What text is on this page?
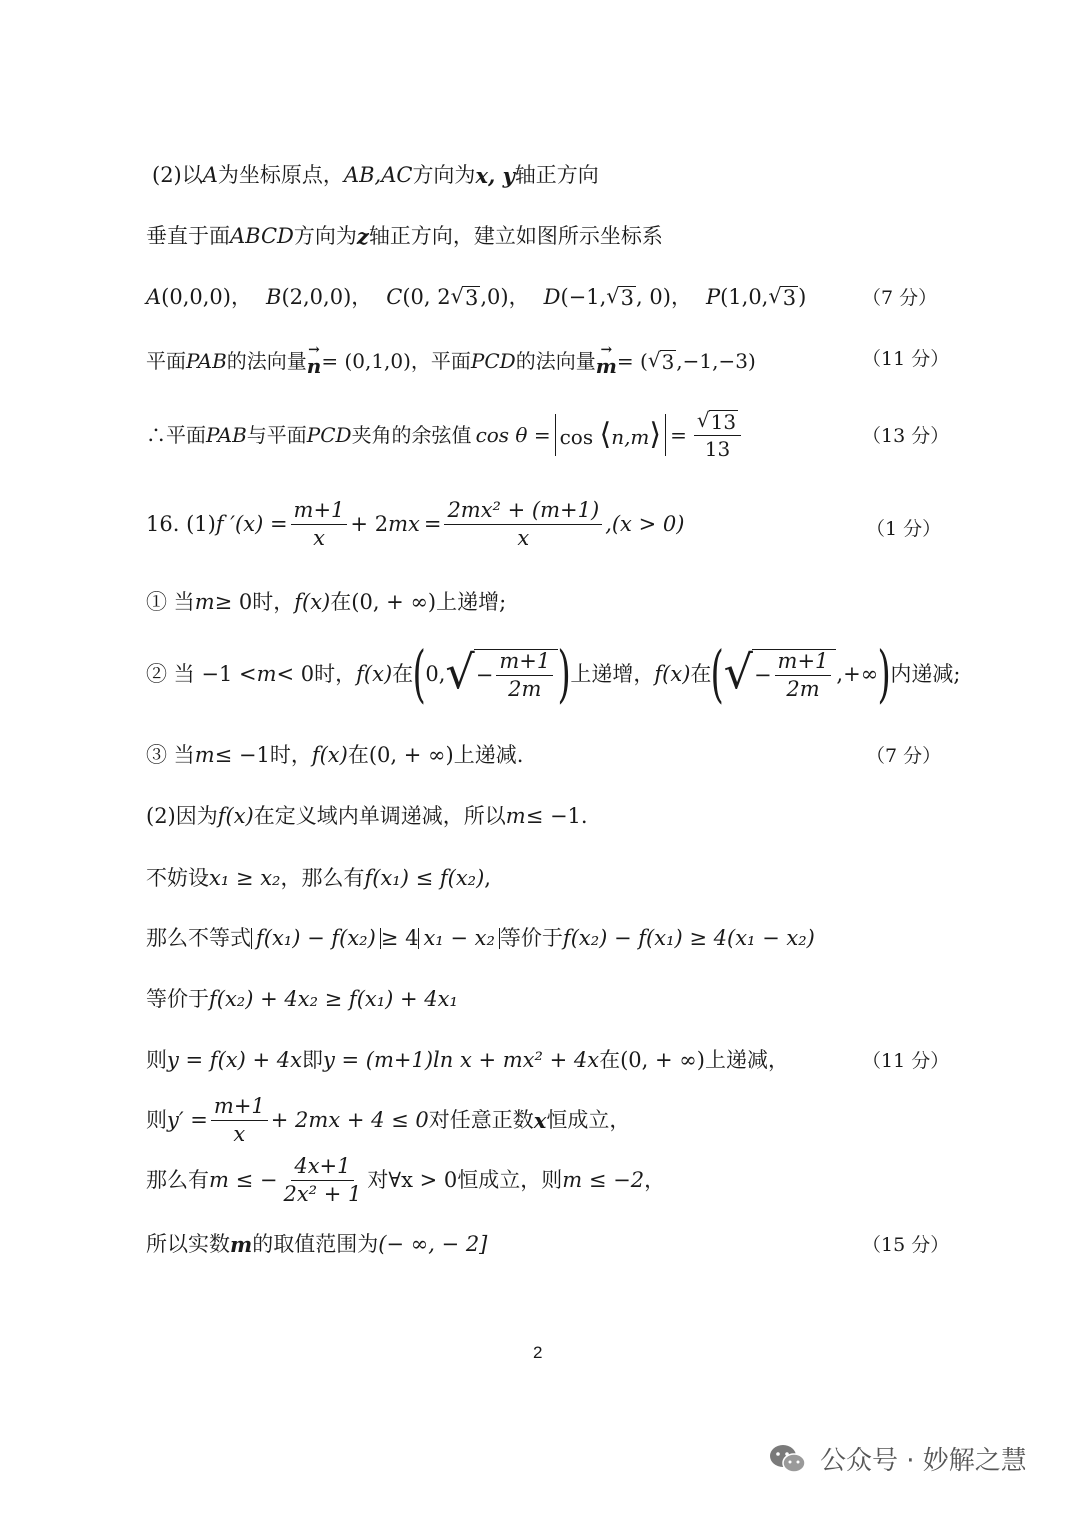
(2)以 A 为坐标原点， AB,AC 方向为 x, y 轴正方向
垂直于面 ABCD 方向为 z 轴正方向，建立如图所示坐标系
A (0,0,0)， B (2,0,0)， C (0, 2 √ 3 ,0)， D (−1, √ 3 , 0)， P (1,0, √ 3 )	（7 分）
平面 PAB 的法向量 →
n = (0,1,0)，平面 PCD 的法向量 →
m = ( √ 3 ,−1,−3)	（11 分）
∴平面 PAB 与平面 PCD 夹角的余弦值 cos θ = cos ⟨n,m⟩ = $\frac{√ 13}{13}$	（13 分）
16. (1) f $'(x) = \frac{m+1}{x} + 2$ mx = $\frac{\text{2mx² + (m+1)}}{x} ,(x > 0)$	（1 分）
① 当 m ≥ 0时， f(x) 在(0, + ∞)上递增;
② 当 −1 < m < 0时， f(x) 在 ( 0, √ − $\frac{m+1}{2m}$ ) 上递增， f(x) 在 ( √ − $\frac{m+1}{2m}$ ,+∞ ) 内递减;
③ 当 m ≤ −1时， f(x) 在(0, + ∞)上递减.	（7 分）
(2)因为 f(x) 在定义域内单调递减，所以 m ≤ −1.
不妨设 x₁ ≥ x₂ ，那么有 f(x₁) ≤ f(x₂) ,
那么不等式 f(x₁) − f(x₂) ≥ 4 x₁ − x₂ 等价于 f(x₂) − f(x₁) ≥ 4(x₁ − x₂)
等价于 f(x₂) + 4x₂ ≥ f(x₁) + 4x₁
则 y = f(x) + 4x 即 y = (m+1)ln x + mx² + 4x 在(0, + ∞)上递减，	（11 分）
则 $y' = \frac{m+1}{x} + 2mx + 4 \le 0$ 对任意正数 x 恒成立，
那么有 m ≤ − $\frac{4x+1}{\text{2x² + 1}}$ 对∀x > 0恒成立，则 m ≤ −2 ，
所以实数 m 的取值范围为 (− ∞, − 2]	（15 分）
2
公众号 · 妙解之慧
